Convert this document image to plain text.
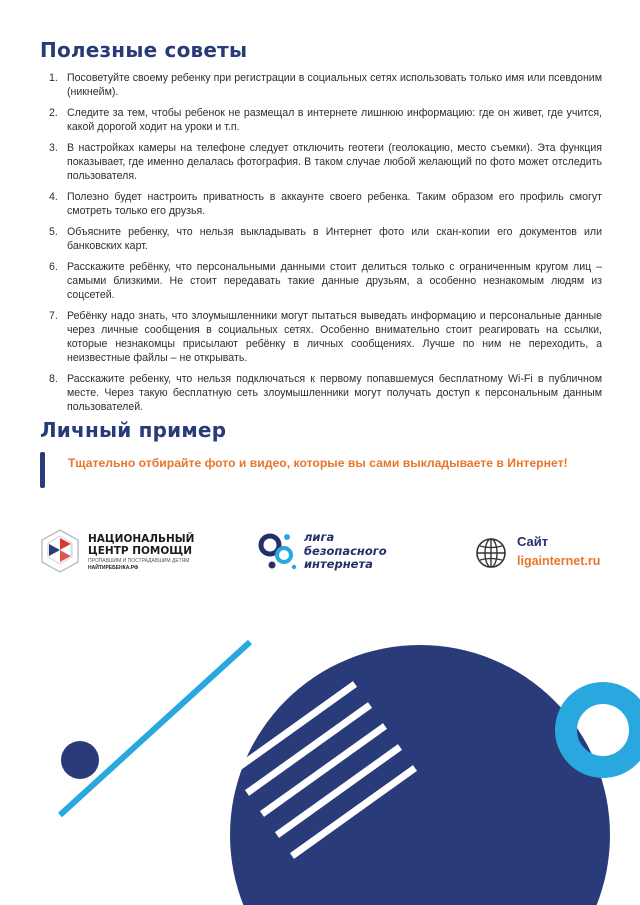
Полезные советы
1. Посоветуйте своему ребенку при регистрации в социальных сетях использовать только имя или псевдоним (никнейм).
2. Следите за тем, чтобы ребенок не размещал в интернете лишнюю информацию: где он живет, где учится, какой дорогой ходит на уроки и т.п.
3. В настройках камеры на телефоне следует отключить геотеги (геолокацию, место съемки). Эта функция показывает, где именно делалась фотография. В таком случае любой желающий по фото может отследить пользователя.
4. Полезно будет настроить приватность в аккаунте своего ребенка. Таким образом его профиль смогут смотреть только его друзья.
5. Объясните ребенку, что нельзя выкладывать в Интернет фото или скан-копии его документов или банковских карт.
6. Расскажите ребёнку, что персональными данными стоит делиться только с ограниченным кругом лиц – самыми близкими. Не стоит передавать такие данные друзьям, а особенно незнакомым людям из соцсетей.
7. Ребёнку надо знать, что злоумышленники могут пытаться выведать информацию и персональные данные через личные сообщения в социальных сетях. Особенно внимательно стоит реагировать на ссылки, которые незнакомцы присылают ребёнку в личных сообщениях. Лучше по ним не переходить, а неизвестные файлы – не открывать.
8. Расскажите ребенку, что нельзя подключаться к первому попавшемуся бесплатному Wi-Fi в публичном месте. Через такую бесплатную сеть злоумышленники могут получать доступ к персональным данным пользователей.
Личный пример
Тщательно отбирайте фото и видео, которые вы сами выкладываете в Интернет!
НАЦИОНАЛЬНЫЙ
ЦЕНТР ПОМОЩИ
ПРОПАВШИМ И ПОСТРАДАВШИМ ДЕТЯМ
НАЙТИРЕБЕНКА.РФ
лига
безопасного
интернета
Сайт
ligainternet.ru
